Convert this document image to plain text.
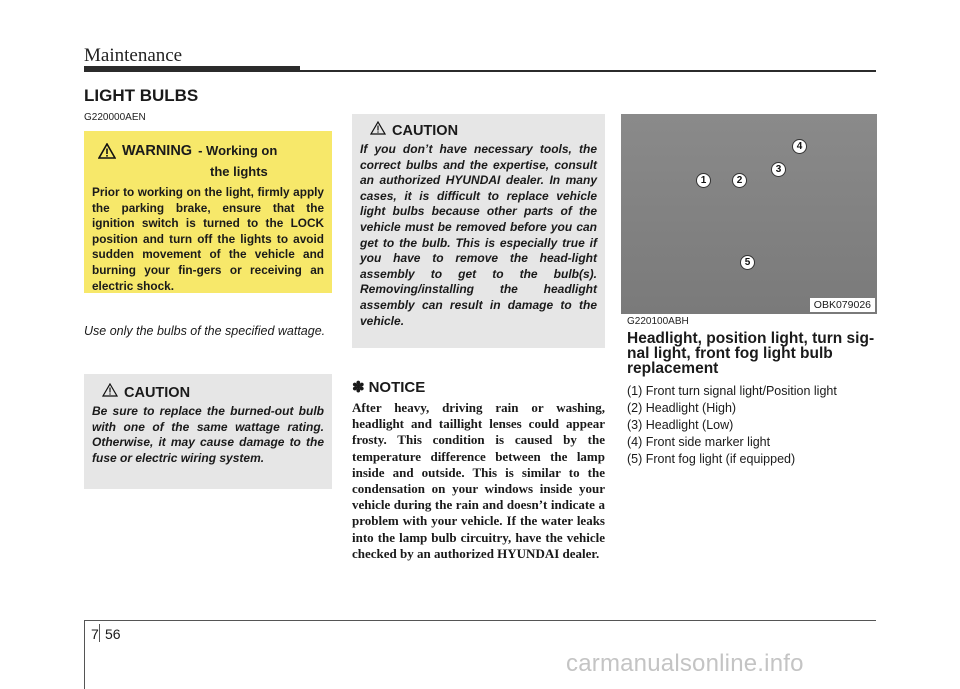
Maintenance
LIGHT BULBS
G220000AEN
WARNING - Working on
the lights
Prior to working on the light, firmly apply the parking brake, ensure that the ignition switch is turned to the LOCK position and turn off the lights to avoid sudden movement of the vehicle and burning your fin-gers or receiving an electric shock.
Use only the bulbs of the specified wattage.
CAUTION
Be sure to replace the burned-out bulb with one of the same wattage rating. Otherwise, it may cause damage to the fuse or electric wiring system.
CAUTION
If you don’t have necessary tools, the correct bulbs and the expertise, consult an authorized HYUNDAI dealer. In many cases, it is difficult to replace vehicle light bulbs because other parts of the vehicle must be removed before you can get to the bulb. This is especially true if you have to remove the head-light assembly to get to the bulb(s). Removing/installing the headlight assembly can result in damage to the vehicle.
✽ NOTICE
After heavy, driving rain or washing, headlight and taillight lenses could appear frosty. This condition is caused by the temperature difference between the lamp inside and outside. This is similar to the condensation on your windows inside your vehicle during the rain and doesn’t indicate a problem with your vehicle. If the water leaks into the lamp bulb circuitry, have the vehicle checked by an authorized HYUNDAI dealer.
1	2
3
4
5
OBK079026
G220100ABH
Headlight, position light, turn sig-nal light, front fog light bulb replacement
(1) Front turn signal light/Position light
(2) Headlight (High)
(3) Headlight (Low)
(4) Front side marker light
(5) Front fog light (if equipped)
7 56
carmanualsonline.info
